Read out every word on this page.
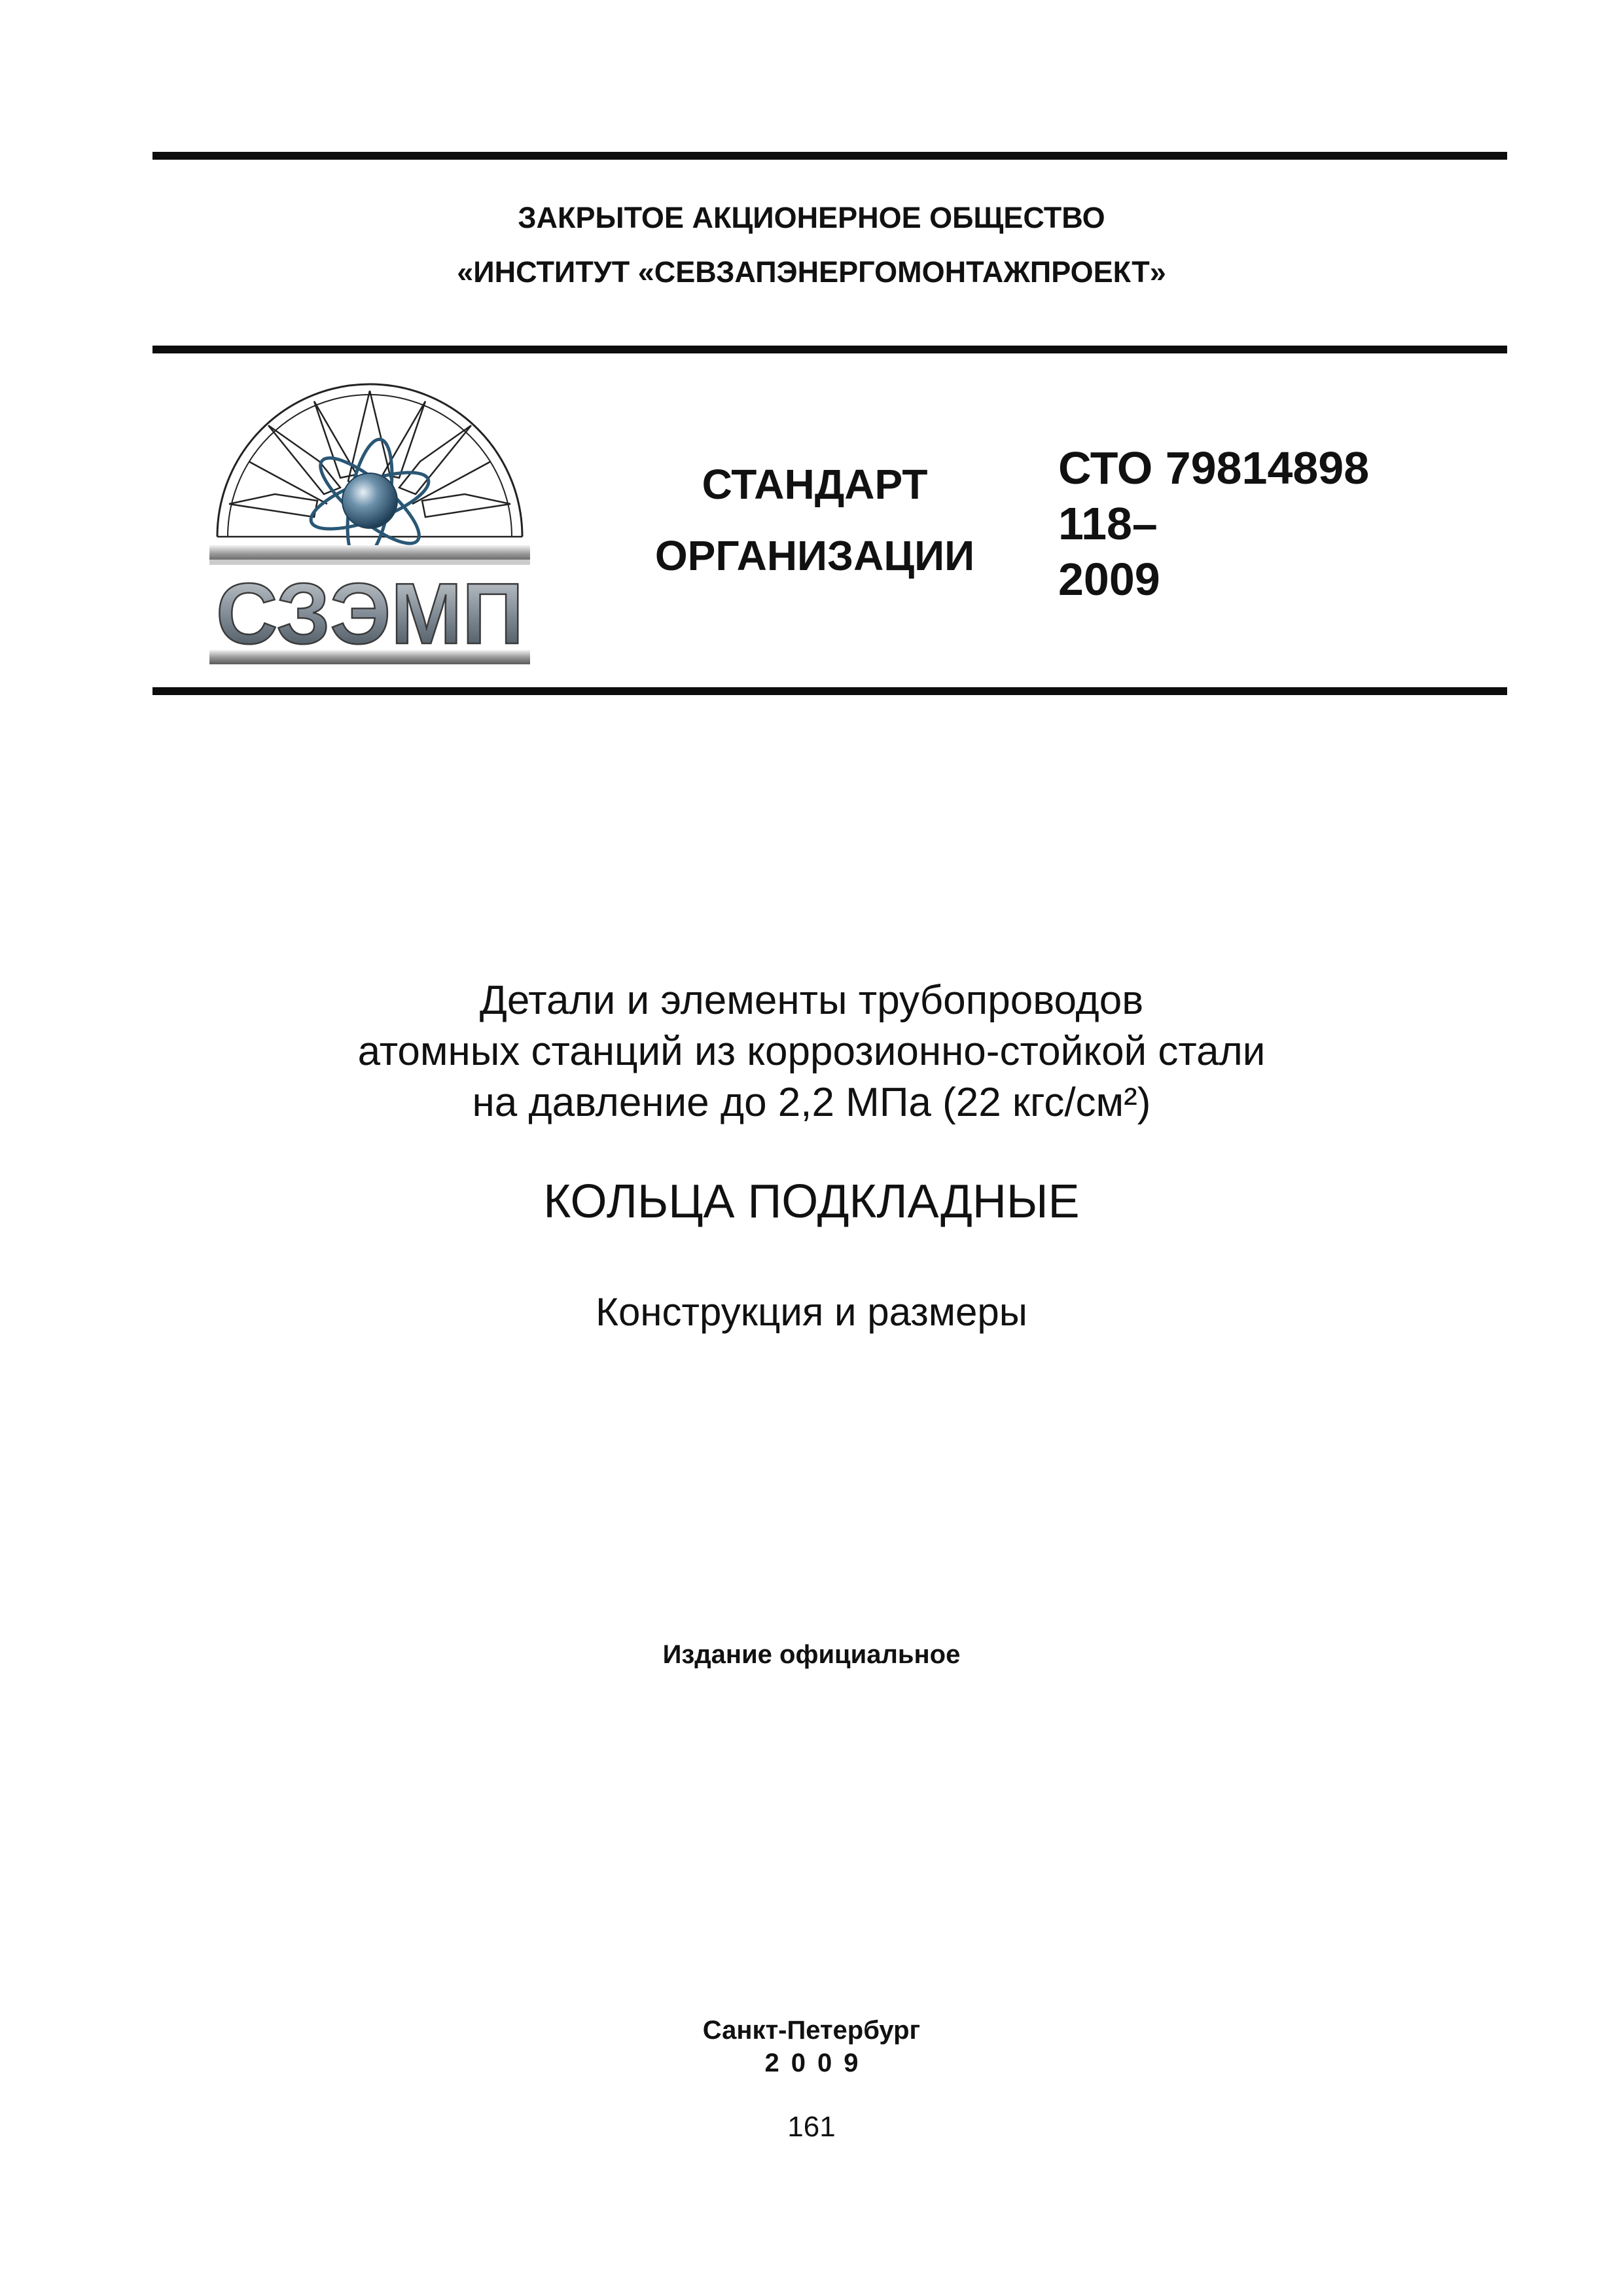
ЗАКРЫТОЕ АКЦИОНЕРНОЕ ОБЩЕСТВО
«ИНСТИТУТ «СЕВЗАПЭНЕРГОМОНТАЖПРОЕКТ»
СЗЭМП
СТАНДАРТ
ОРГАНИЗАЦИИ
СТО 79814898
118–
2009
Детали и элементы трубопроводов
атомных станций из коррозионно-стойкой стали
на давление до 2,2 МПа (22 кгс/см²)
КОЛЬЦА ПОДКЛАДНЫЕ
Конструкция и размеры
Издание официальное
Санкт-Петербург
2009
161
